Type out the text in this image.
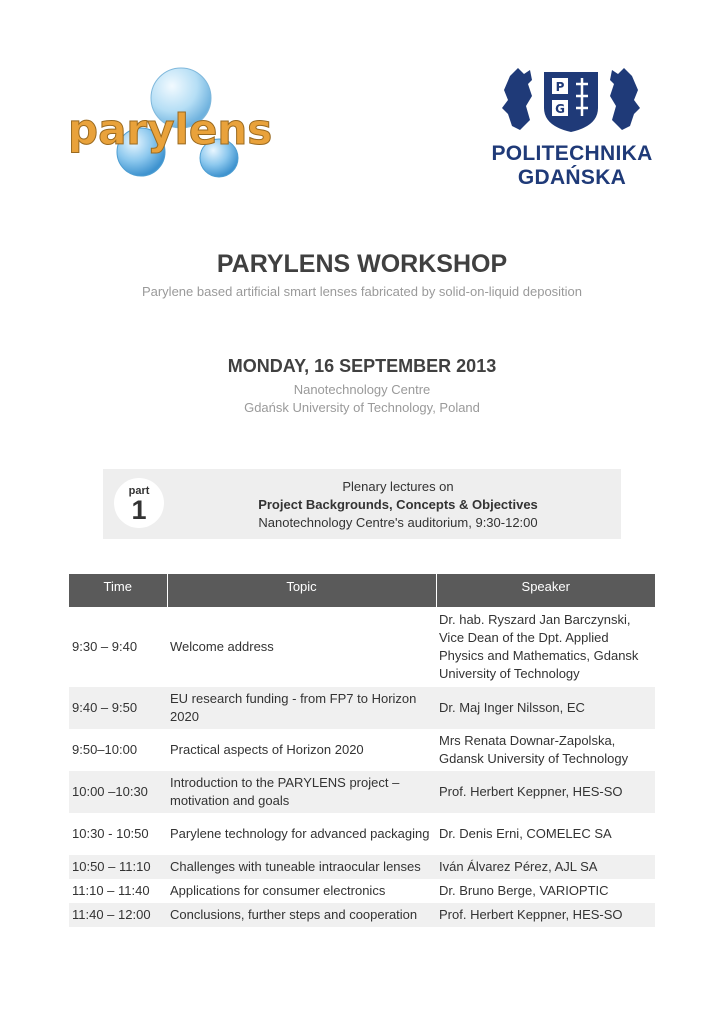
parylens
P
G
POLITECHNIKA
GDAŃSKA
PARYLENS WORKSHOP
Parylene based artificial smart lenses fabricated by solid-on-liquid deposition
MONDAY, 16 SEPTEMBER 2013
Nanotechnology Centre
Gdańsk University of Technology, Poland
part
1
Plenary lectures on
Project Backgrounds, Concepts & Objectives
Nanotechnology Centre's auditorium, 9:30-12:00
Time	Topic	Speaker
9:30 – 9:40	Welcome address	Dr. hab. Ryszard Jan Barczynski, Vice Dean of the Dpt. Applied Physics and Mathematics, Gdansk University of Technology
9:40 – 9:50	EU research funding - from FP7 to Horizon 2020	Dr. Maj Inger Nilsson, EC
9:50–10:00	Practical aspects of Horizon 2020	Mrs Renata Downar-Zapolska, Gdansk University of Technology
10:00 –10:30	Introduction to the PARYLENS project – motivation and goals	Prof. Herbert Keppner, HES-SO
10:30 - 10:50	Parylene technology for advanced packaging	Dr. Denis Erni, COMELEC SA
10:50 – 11:10	Challenges with tuneable intraocular lenses	Iván Álvarez Pérez, AJL SA
11:10 – 11:40	Applications for consumer electronics	Dr. Bruno Berge, VARIOPTIC
11:40 – 12:00	Conclusions, further steps and cooperation	Prof. Herbert Keppner, HES-SO
